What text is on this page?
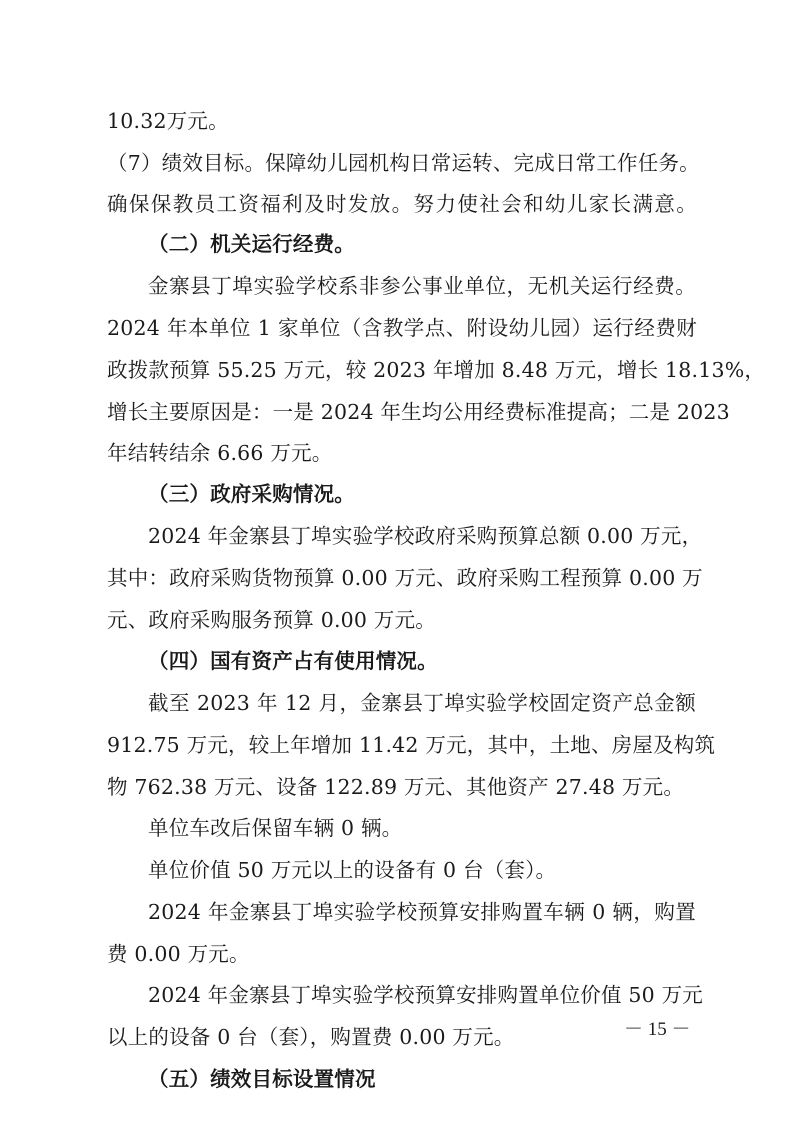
10.32万元。
（7）绩效目标。保障幼儿园机构日常运转、完成日常工作任务。
确保保教员工资福利及时发放。努力使社会和幼儿家长满意。
（二）机关运行经费。
金寨县丁埠实验学校系非参公事业单位，无机关运行经费。
2024 年本单位 1 家单位（含教学点、附设幼儿园）运行经费财
政拨款预算 55.25 万元，较 2023 年增加 8.48 万元，增长 18.13%，
增长主要原因是：一是 2024 年生均公用经费标准提高；二是 2023
年结转结余 6.66 万元。
（三）政府采购情况。
2024 年金寨县丁埠实验学校政府采购预算总额 0.00 万元，
其中：政府采购货物预算 0.00 万元、政府采购工程预算 0.00 万
元、政府采购服务预算 0.00 万元。
（四）国有资产占有使用情况。
截至 2023 年 12 月，金寨县丁埠实验学校固定资产总金额
912.75 万元，较上年增加 11.42 万元，其中，土地、房屋及构筑
物 762.38 万元、设备 122.89 万元、其他资产 27.48 万元。
单位车改后保留车辆 0 辆。
单位价值 50 万元以上的设备有 0 台（套）。
2024 年金寨县丁埠实验学校预算安排购置车辆 0 辆，购置
费 0.00 万元。
2024 年金寨县丁埠实验学校预算安排购置单位价值 50 万元
以上的设备 0 台（套），购置费 0.00 万元。
（五）绩效目标设置情况
－ 15 －
